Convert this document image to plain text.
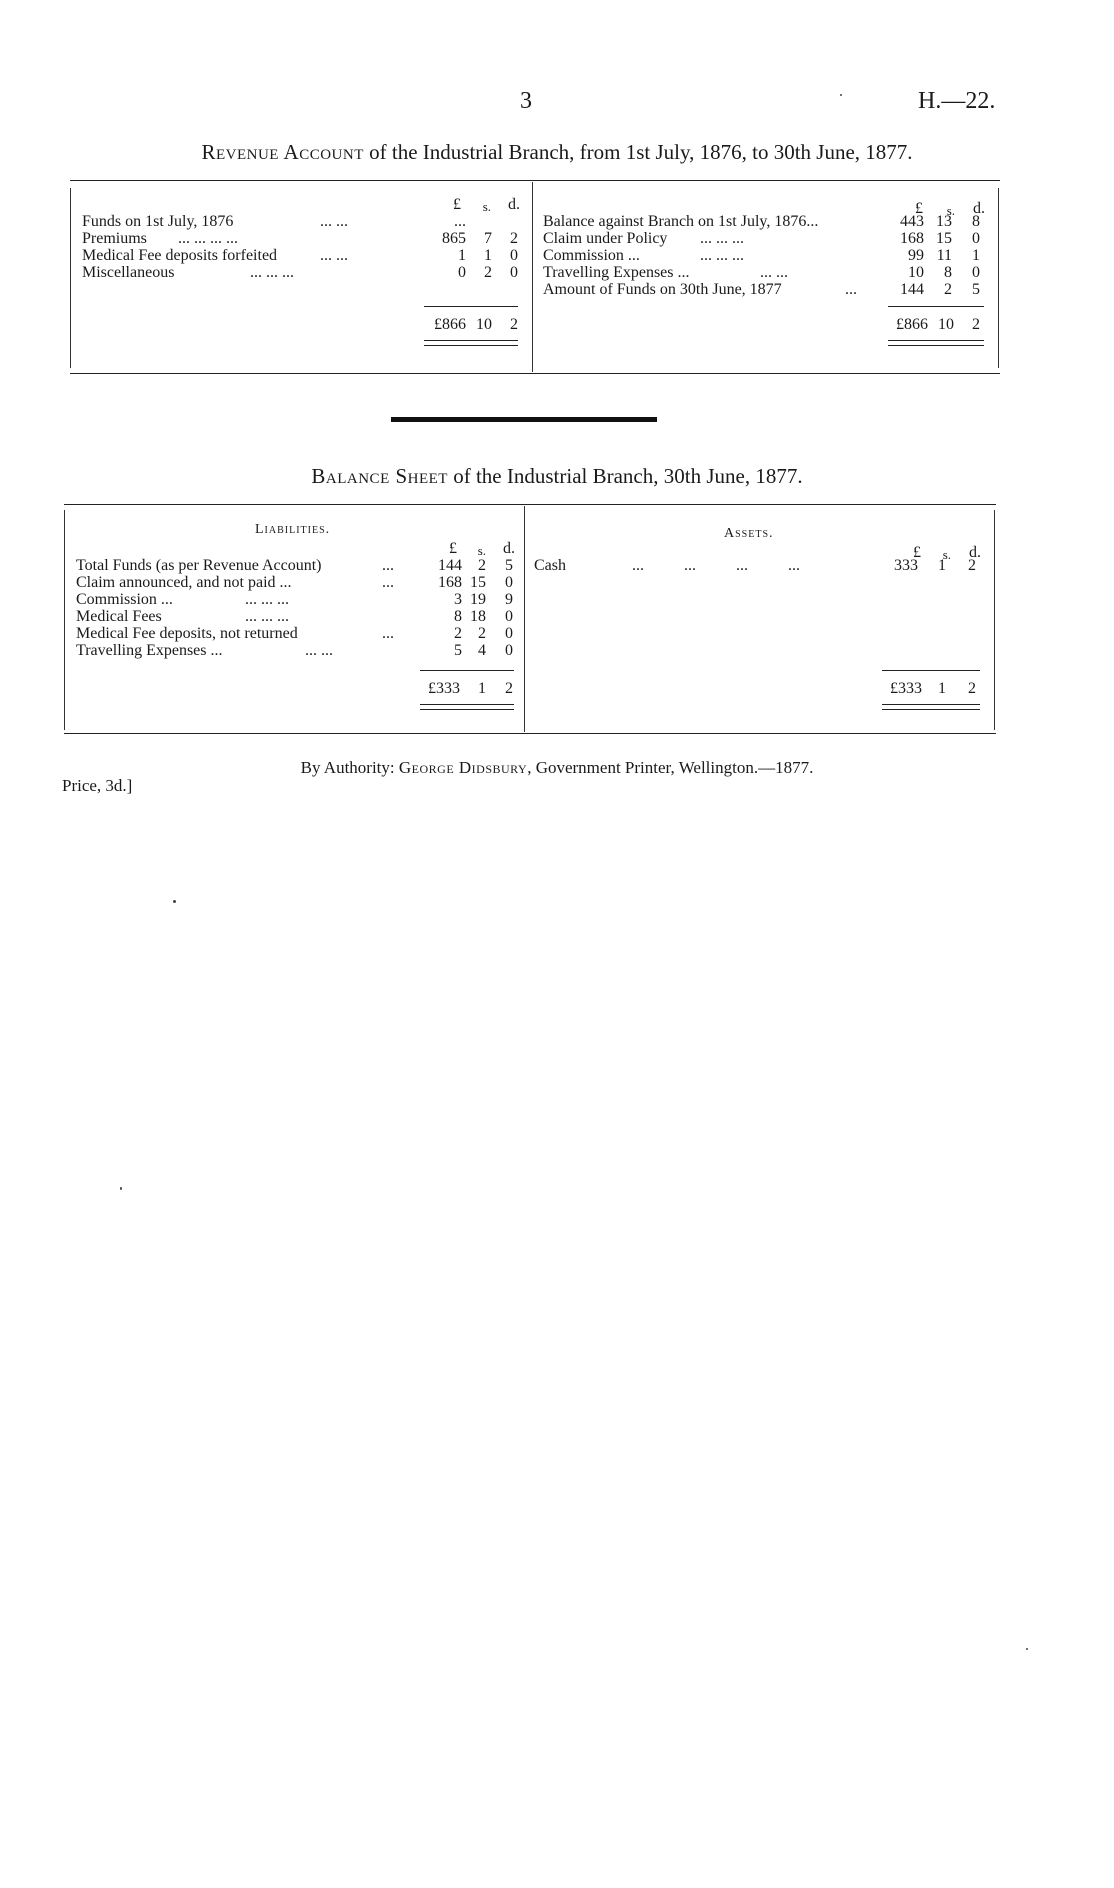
3	H.—22.
Revenue Account of the Industrial Branch, from 1st July, 1876, to 30th June, 1877.
£	s.	d.	£	s.	d.
Funds on 1st July, 1876	... ...	...
Premiums ... ... ... ...	865	7	2
Medical Fee deposits forfeited	... ...	1	1	0
Miscellaneous	... ... ...	0	2	0
£866 10	2
Balance against Branch on 1st July, 1876...	443 13	8
Claim under Policy ... ... ...	168 15	0
Commission ...	... ... ...	99 11	1
Travelling Expenses ...	... ...	10	8	0
Amount of Funds on 30th June, 1877	...	144	2	5
£866 10	2
Balance Sheet of the Industrial Branch, 30th June, 1877.
Liabilities.	Assets.
£	s.	d.	£	s.	d.
Total Funds (as per Revenue Account)	...	144	2	5
Claim announced, and not paid ...	...	168 15	0
Commission ...	... ... ...	3 19	9
Medical Fees	... ... ...	8 18	0
Medical Fee deposits, not returned	...	2	2	0
Travelling Expenses ...	... ...	5	4	0
£333	1	2
Cash	... ... ... ...	333	1	2
£333	1	2
By Authority: George Didsbury, Government Printer, Wellington.—1877.
Price, 3d.]
